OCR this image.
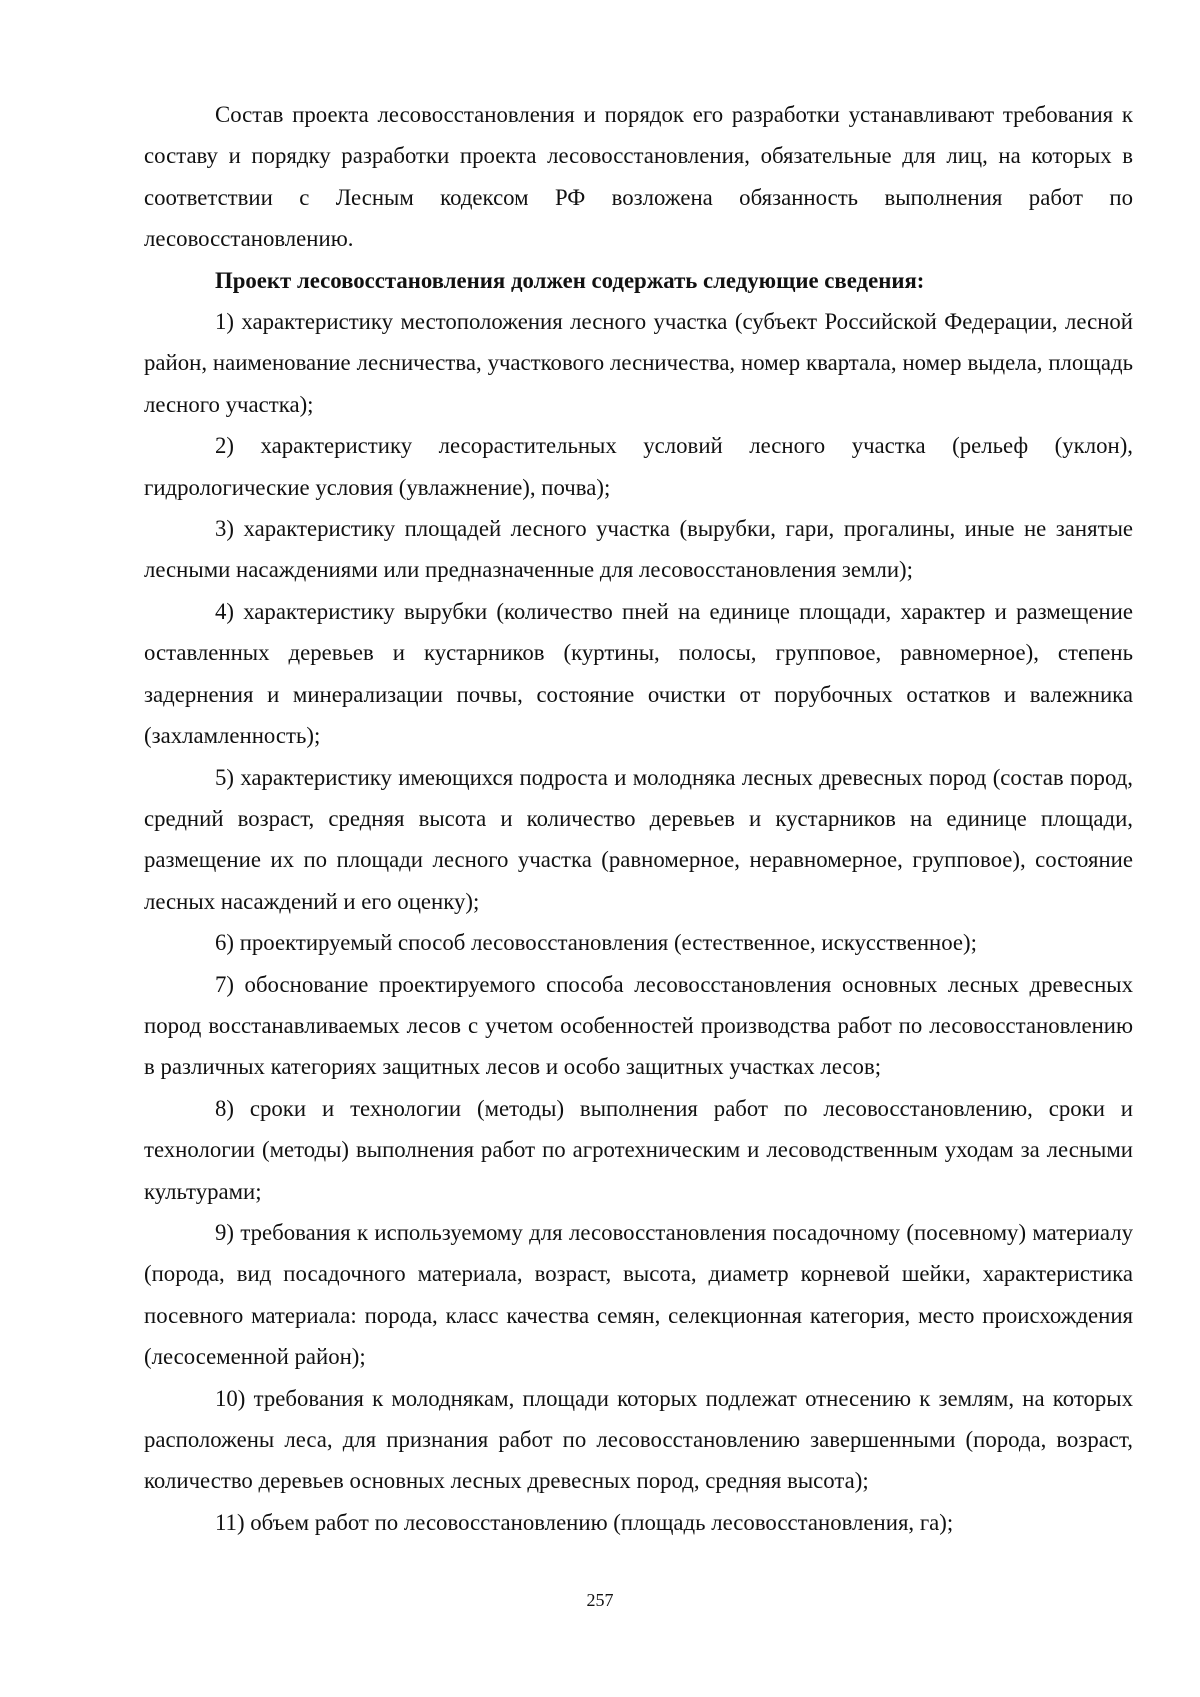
Состав проекта лесовосстановления и порядок его разработки устанавливают требования к составу и порядку разработки проекта лесовосстановления, обязательные для лиц, на которых в соответствии с Лесным кодексом РФ возложена обязанность выполнения работ по лесовосстановлению.

Проект лесовосстановления должен содержать следующие сведения:

1) характеристику местоположения лесного участка (субъект Российской Федерации, лесной район, наименование лесничества, участкового лесничества, номер квартала, номер выдела, площадь лесного участка);

2) характеристику лесорастительных условий лесного участка (рельеф (уклон), гидрологические условия (увлажнение), почва);

3) характеристику площадей лесного участка (вырубки, гари, прогалины, иные не занятые лесными насаждениями или предназначенные для лесовосстановления земли);

4) характеристику вырубки (количество пней на единице площади, характер и размещение оставленных деревьев и кустарников (куртины, полосы, групповое, равномерное), степень задернения и минерализации почвы, состояние очистки от порубочных остатков и валежника (захламленность);

5) характеристику имеющихся подроста и молодняка лесных древесных пород (состав пород, средний возраст, средняя высота и количество деревьев и кустарников на единице площади, размещение их по площади лесного участка (равномерное, неравномерное, групповое), состояние лесных насаждений и его оценку);

6) проектируемый способ лесовосстановления (естественное, искусственное);

7) обоснование проектируемого способа лесовосстановления основных лесных древесных пород восстанавливаемых лесов с учетом особенностей производства работ по лесовосстановлению в различных категориях защитных лесов и особо защитных участках лесов;

8) сроки и технологии (методы) выполнения работ по лесовосстановлению, сроки и технологии (методы) выполнения работ по агротехническим и лесоводственным уходам за лесными культурами;

9) требования к используемому для лесовосстановления посадочному (посевному) материалу (порода, вид посадочного материала, возраст, высота, диаметр корневой шейки, характеристика посевного материала: порода, класс качества семян, селекционная категория, место происхождения (лесосеменной район);

10) требования к молоднякам, площади которых подлежат отнесению к землям, на которых расположены леса, для признания работ по лесовосстановлению завершенными (порода, возраст, количество деревьев основных лесных древесных пород, средняя высота);

11) объем работ по лесовосстановлению (площадь лесовосстановления, га);

257
